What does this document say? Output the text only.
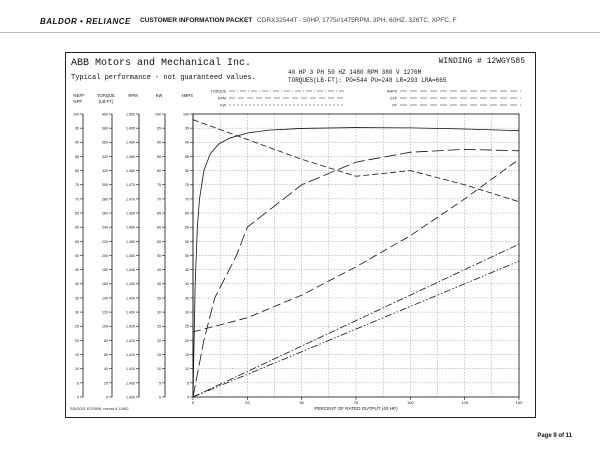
BALDOR • RELIANCE CUSTOMER INFORMATION PACKET CDRX32544T - 50HP, 1775//1475RPM, 3PH, 60HZ, 326TC, XPFC, F
ABB Motors and Mechanical Inc.
Typical performance - not guaranteed values.
WINDING # 12WGY585
40 HP 3 PH 50 HZ 1480 RPM 380 V 1276M
TORQUES(LB-FT): PO=544 PU=248 LR=293 LRA=665
TORQUE
RPM
KW
AMPS
EFF
PF
%EFF
%PF
0
5
10
15
20
25
30
35
40
45
50
55
60
65
70
75
80
85
90
95
100
TORQUE
(LB-FT)
0
20
40
60
80
100
120
140
160
180
200
220
240
260
280
300
320
340
360
380
400
RPM
1,400
1,405
1,410
1,415
1,420
1,425
1,430
1,435
1,440
1,445
1,450
1,455
1,460
1,465
1,470
1,475
1,480
1,485
1,490
1,495
1,500
KW
0
5
10
15
20
25
30
35
40
45
50
55
60
65
70
75
80
85
90
95
100
AMPS
0
5
10
15
20
25
30
35
40
45
50
55
60
65
70
75
80
85
90
95
100
0	25	50	75	100	125	150
PERCENT OF RATED OUTPUT (40 HP)
S/D/2021 ECR006, record # 11982
Page 9 of 11
